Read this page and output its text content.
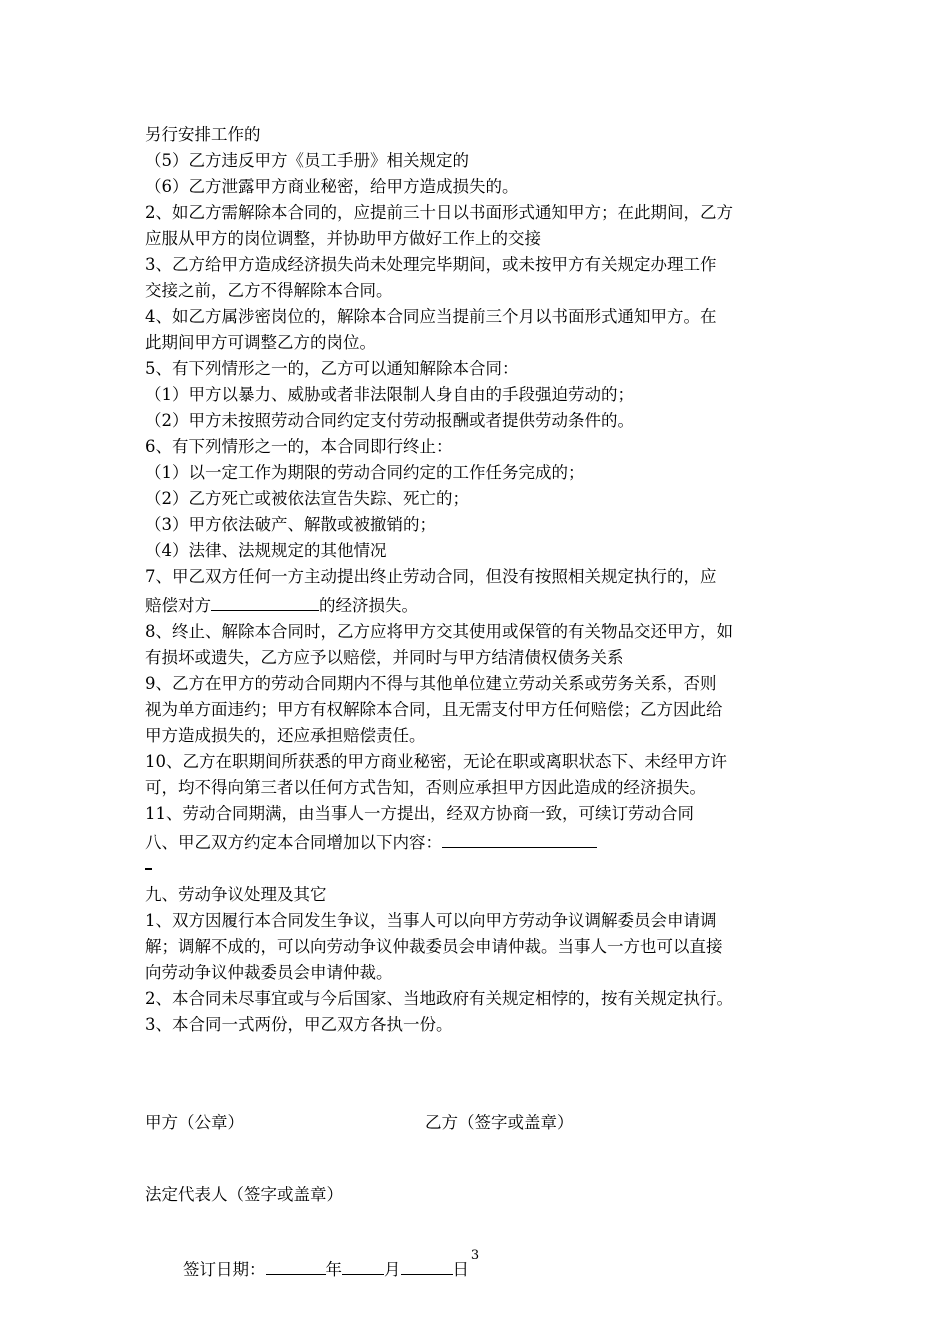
另行安排工作的

（5）乙方违反甲方《员工手册》相关规定的

（6）乙方泄露甲方商业秘密，给甲方造成损失的。

2、如乙方需解除本合同的，应提前三十日以书面形式通知甲方；在此期间，乙方

应服从甲方的岗位调整，并协助甲方做好工作上的交接

3、乙方给甲方造成经济损失尚未处理完毕期间，或未按甲方有关规定办理工作

交接之前，乙方不得解除本合同。

4、如乙方属涉密岗位的，解除本合同应当提前三个月以书面形式通知甲方。在

此期间甲方可调整乙方的岗位。

5、有下列情形之一的，乙方可以通知解除本合同：

（1）甲方以暴力、威胁或者非法限制人身自由的手段强迫劳动的；

（2）甲方未按照劳动合同约定支付劳动报酬或者提供劳动条件的。

6、有下列情形之一的，本合同即行终止：

（1）以一定工作为期限的劳动合同约定的工作任务完成的；

（2）乙方死亡或被依法宣告失踪、死亡的；

（3）甲方依法破产、解散或被撤销的；

（4）法律、法规规定的其他情况

7、甲乙双方任何一方主动提出终止劳动合同，但没有按照相关规定执行的，应

赔偿对方	的经济损失。

8、终止、解除本合同时，乙方应将甲方交其使用或保管的有关物品交还甲方，如

有损坏或遗失，乙方应予以赔偿，并同时与甲方结清债权债务关系

9、乙方在甲方的劳动合同期内不得与其他单位建立劳动关系或劳务关系，否则

视为单方面违约；甲方有权解除本合同，且无需支付甲方任何赔偿；乙方因此给

甲方造成损失的，还应承担赔偿责任。

10、乙方在职期间所获悉的甲方商业秘密，无论在职或离职状态下、未经甲方许

可，均不得向第三者以任何方式告知，否则应承担甲方因此造成的经济损失。

11、劳动合同期满，由当事人一方提出，经双方协商一致，可续订劳动合同

八、甲乙双方约定本合同增加以下内容：

九、劳动争议处理及其它

1、双方因履行本合同发生争议，当事人可以向甲方劳动争议调解委员会申请调

解；调解不成的，可以向劳动争议仲裁委员会申请仲裁。当事人一方也可以直接

向劳动争议仲裁委员会申请仲裁。

2、本合同未尽事宜或与今后国家、当地政府有关规定相悖的，按有关规定执行。

3、本合同一式两份，甲乙双方各执一份。

甲方（公章）	乙方（签字或盖章）

法定代表人（签字或盖章）

签订日期：	年	月	日

3
